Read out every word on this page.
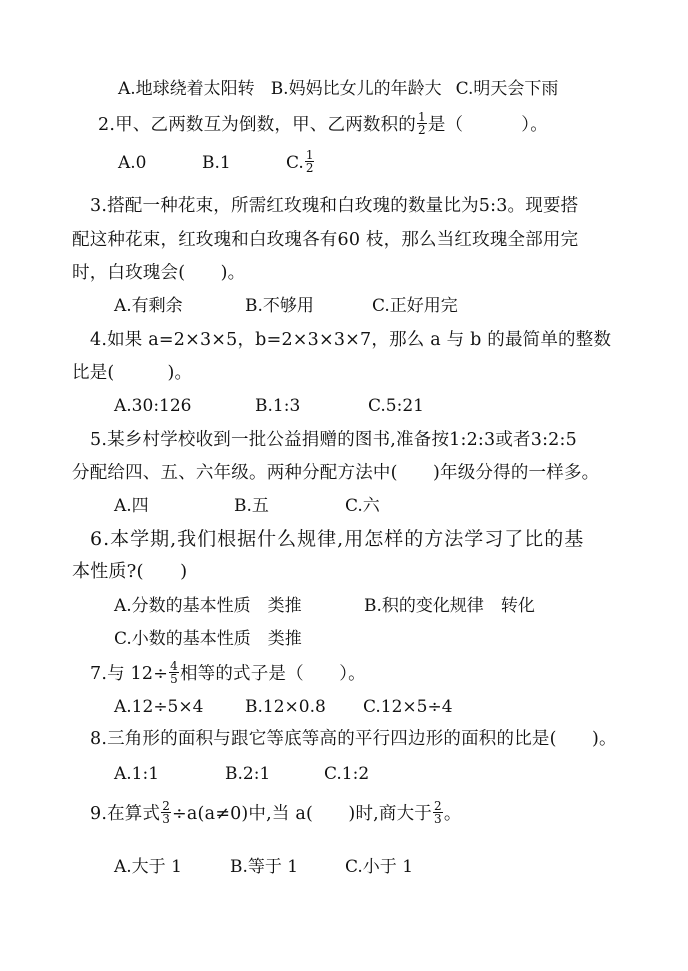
A.地球绕着太阳转 B.妈妈比女儿的年龄大 C.明天会下雨
2.甲、乙两数互为倒数，甲、乙两数积的 $\frac{1}{2}$ 是（	）。
A.0	B.1	C. $\frac{1}{2}$
3.搭配一种花束，所需红玫瑰和白玫瑰的数量比为5:3。现要搭
配这种花束，红玫瑰和白玫瑰各有60 枝，那么当红玫瑰全部用完
时，白玫瑰会(　　)。
A.有剩余	B.不够用	C.正好用完
4.如果 a=2×3×5，b=2×3×3×7，那么 a 与 b 的最简单的整数
比是(　　　)。
A.30:126	B.1:3	C.5:21
5.某乡村学校收到一批公益捐赠的图书,准备按1:2:3或者3:2:5
分配给四、五、六年级。两种分配方法中(　　)年级分得的一样多。
A.四	B.五	C.六
6.本学期,我们根据什么规律,用怎样的方法学习了比的基
本性质?(　　)
A.分数的基本性质　类推	B.积的变化规律　转化
C.小数的基本性质　类推
7.与 $12\div \frac{4}{5}$ 相等的式子是（　　）。
A.12÷5×4 B.12×0.8 C.12×5÷4
8.三角形的面积与跟它等底等高的平行四边形的面积的比是(　　)。
A.1:1	B.2:1	C.1:2
9.在算式 $\frac{2}{3} \div a(a\ne 0)$中,当 a(　　)时,商大于 $\frac{2}{3}$ 。
A.大于 1	B.等于 1	C.小于 1
